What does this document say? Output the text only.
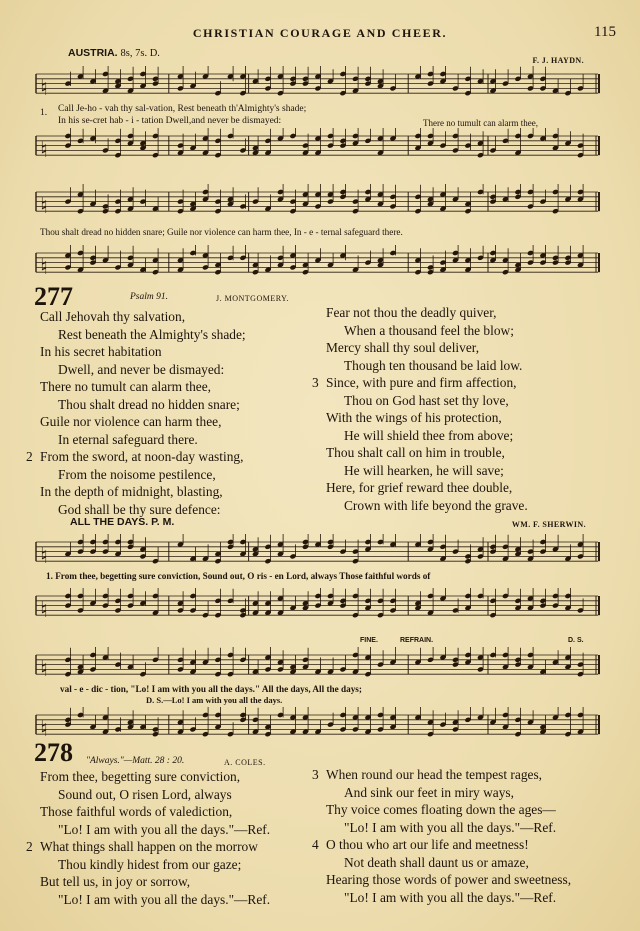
CHRISTIAN COURAGE AND CHEER.	115
AUSTRIA. 8s, 7s. D.
F. J. HAYDN.
♮
1. Call Je-ho - vah thy sal-vation, Rest beneath th'Almighty's shade;
In his se-cret hab - i - tation Dwell,and never be dismayed:	There no tumult can alarm thee,
♮
♮
Thou shalt dread no hidden snare; Guile nor violence can harm thee, In - e - ternal safeguard there.
♮
277	Psalm 91.	J. MONTGOMERY.
Call Jehovah thy salvation,
Rest beneath the Almighty's shade;
In his secret habitation
Dwell, and never be dismayed:
There no tumult can alarm thee,
Thou shalt dread no hidden snare;
Guile nor violence can harm thee,
In eternal safeguard there.
2 From the sword, at noon-day wasting,
From the noisome pestilence,
In the depth of midnight, blasting,
God shall be thy sure defence:
Fear not thou the deadly quiver,
When a thousand feel the blow;
Mercy shall thy soul deliver,
Though ten thousand be laid low.
3 Since, with pure and firm affection,
Thou on God hast set thy love,
With the wings of his protection,
He will shield thee from above;
Thou shalt call on him in trouble,
He will hearken, he will save;
Here, for grief reward thee double,
Crown with life beyond the grave.
ALL THE DAYS. P. M.	WM. F. SHERWIN.
♮
1. From thee, begetting sure conviction, Sound out, O ris - en Lord, always Those faithful words of
♮
FINE.	REFRAIN.	D. S.
♮
val - e - dic - tion, "Lo! I am with you all the days." All the days, All the days;
D. S.—Lo! I am with you all the days.
♮
278 "Always."—Matt. 28 : 20.	A. COLES.
From thee, begetting sure conviction,
Sound out, O risen Lord, always
Those faithful words of valediction,
"Lo! I am with you all the days."—Ref.
2 What things shall happen on the morrow
Thou kindly hidest from our gaze;
But tell us, in joy or sorrow,
"Lo! I am with you all the days."—Ref.
3 When round our head the tempest rages,
And sink our feet in miry ways,
Thy voice comes floating down the ages—
"Lo! I am with you all the days."—Ref.
4 O thou who art our life and meetness!
Not death shall daunt us or amaze,
Hearing those words of power and sweetness,
"Lo! I am with you all the days."—Ref.
